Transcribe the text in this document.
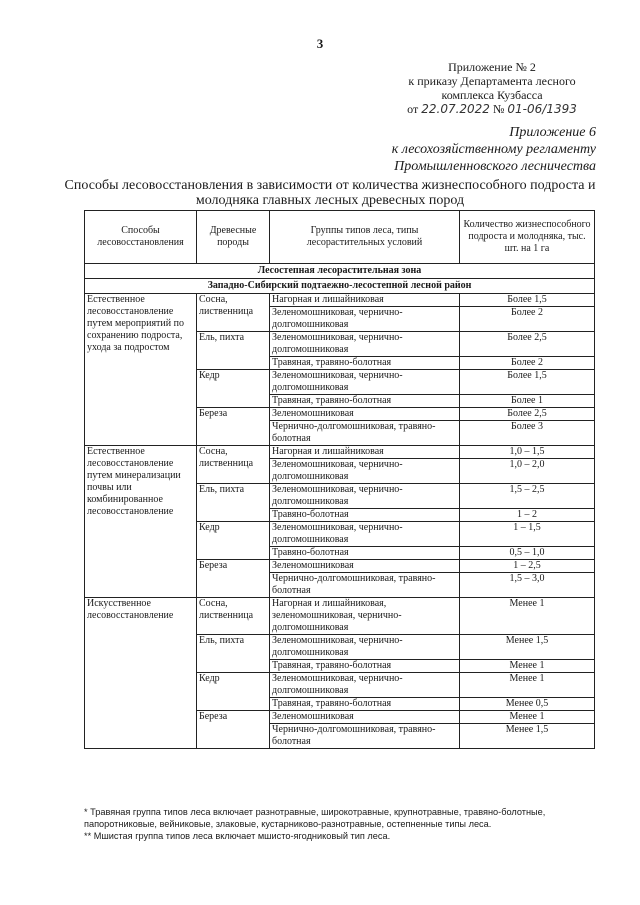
3
Приложение № 2
к приказу Департамента лесного
комплекса Кузбасса
от 22.07.2022 № 01-06/1393
Приложение 6
к лесохозяйственному регламенту
Промышленновского лесничества
Способы лесовосстановления в зависимости от количества жизнеспособного подроста и молодняка главных лесных древесных пород
Способы лесовосстановления	Древесные породы	Группы типов леса, типы лесорастительных условий	Количество жизнеспособного подроста и молодняка, тыс. шт. на 1 га
Лесостепная лесорастительная зона			
Западно-Сибирский подтаежно-лесостепной лесной район			
Естественное лесовосстановление путем мероприятий по сохранению подроста, ухода за подростом	Сосна, лиственница	Нагорная и лишайниковая	Более 1,5
		Зеленомошниковая, чернично-долгомошниковая	Более 2
	Ель, пихта	Зеленомошниковая, чернично-долгомошниковая	Более 2,5
		Травяная, травяно-болотная	Более 2
	Кедр	Зеленомошниковая, чернично-долгомошниковая	Более 1,5
		Травяная, травяно-болотная	Более 1
	Береза	Зеленомошниковая	Более 2,5
		Чернично-долгомошниковая, травяно-болотная	Более 3
Естественное лесовосстановление путем минерализации почвы или комбинированное лесовосстановление	Сосна, лиственница	Нагорная и лишайниковая	1,0 – 1,5
		Зеленомошниковая, чернично-долгомошниковая	1,0 – 2,0
	Ель, пихта	Зеленомошниковая, чернично-долгомошниковая	1,5 – 2,5
		Травяно-болотная	1 – 2
	Кедр	Зеленомошниковая, чернично-долгомошниковая	1 – 1,5
		Травяно-болотная	0,5 – 1,0
	Береза	Зеленомошниковая	1 – 2,5
		Чернично-долгомошниковая, травяно-болотная	1,5 – 3,0
Искусственное лесовосстановление	Сосна, лиственница	Нагорная и лишайниковая, зеленомошниковая, чернично-долгомошниковая	Менее 1
	Ель, пихта	Зеленомошниковая, чернично-долгомошниковая	Менее 1,5
		Травяная, травяно-болотная	Менее 1
	Кедр	Зеленомошниковая, чернично-долгомошниковая	Менее 1
		Травяная, травяно-болотная	Менее 0,5
	Береза	Зеленомошниковая	Менее 1
		Чернично-долгомошниковая, травяно-болотная	Менее 1,5
* Травяная группа типов леса включает разнотравные, широкотравные, крупнотравные, травяно-болотные, папоротниковые, вейниковые, злаковые, кустарниково-разнотравные, остепненные типы леса.
** Мшистая группа типов леса включает мшисто-ягодниковый тип леса.
